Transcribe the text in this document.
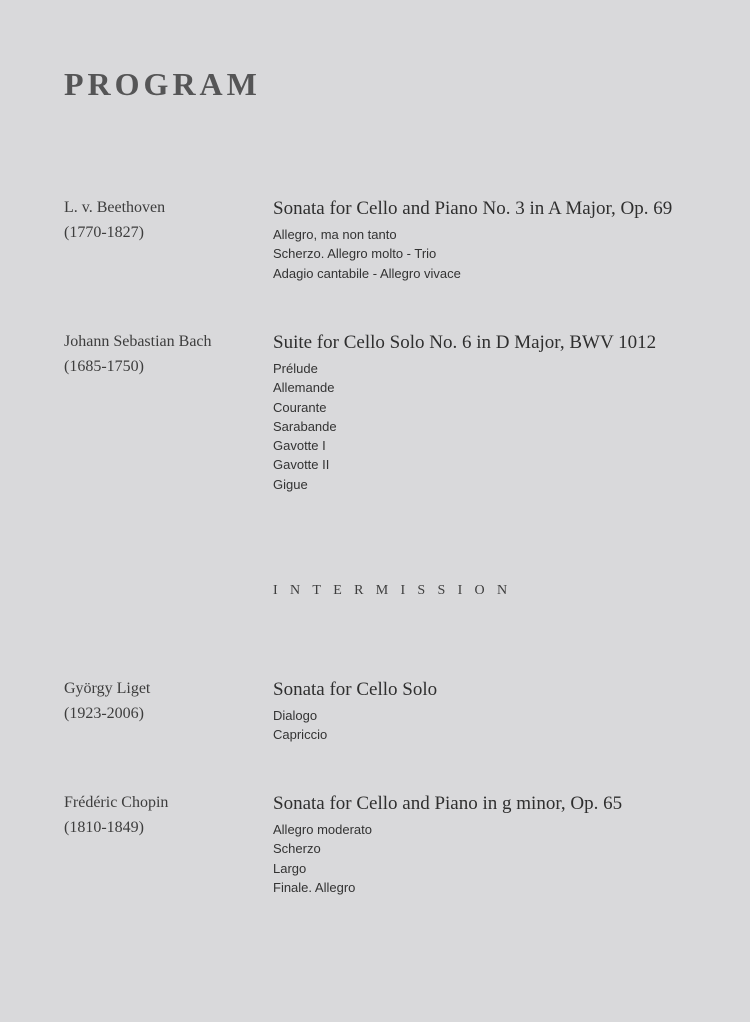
PROGRAM
L. v. Beethoven
(1770-1827)
Sonata for Cello and Piano No. 3 in A Major, Op. 69
Allegro, ma non tanto
Scherzo. Allegro molto - Trio
Adagio cantabile - Allegro vivace
Johann Sebastian Bach
(1685-1750)
Suite for Cello Solo No. 6 in D Major, BWV 1012
Prélude
Allemande
Courante
Sarabande
Gavotte I
Gavotte II
Gigue
INTERMISSION
György Liget
(1923-2006)
Sonata for Cello Solo
Dialogo
Capriccio
Frédéric Chopin
(1810-1849)
Sonata for Cello and Piano in g minor, Op. 65
Allegro moderato
Scherzo
Largo
Finale. Allegro
